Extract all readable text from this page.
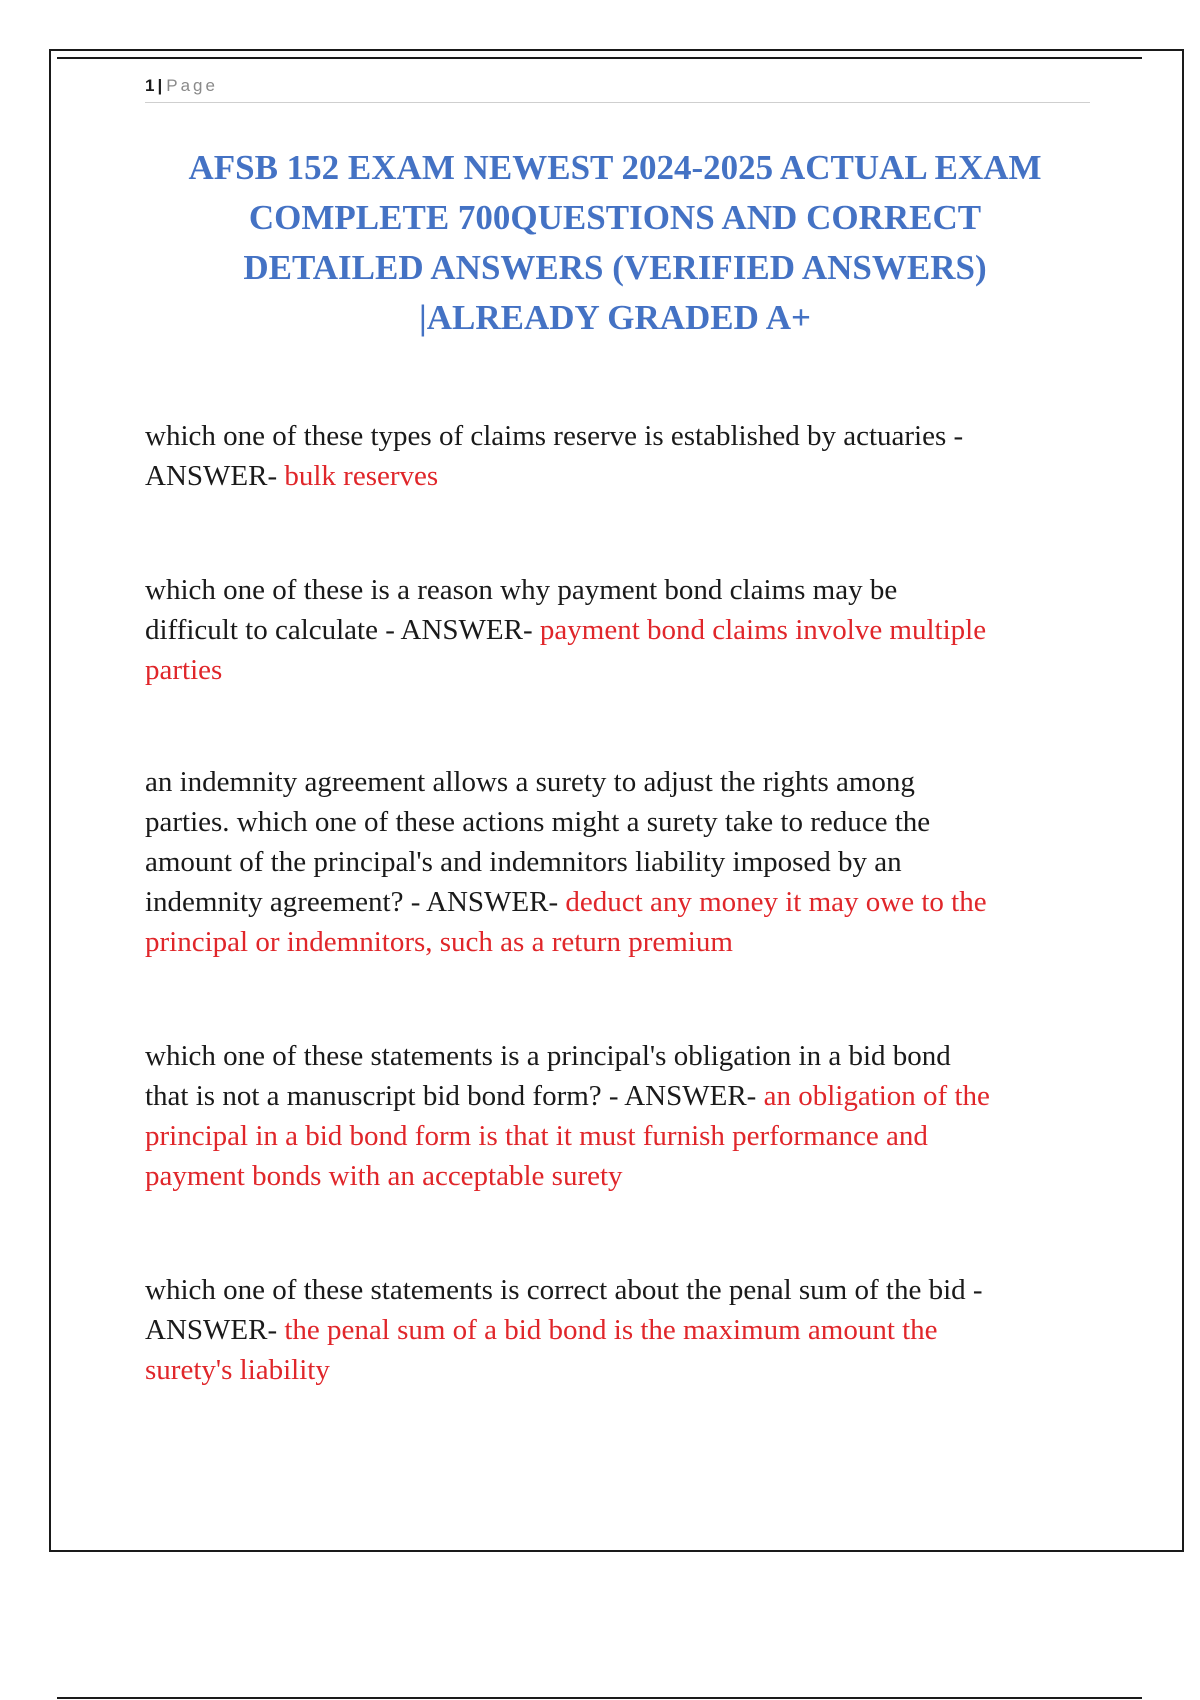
1 | Page
AFSB 152 EXAM NEWEST 2024-2025 ACTUAL EXAM
COMPLETE 700QUESTIONS AND CORRECT
DETAILED ANSWERS (VERIFIED ANSWERS)
|ALREADY GRADED A+

which one of these types of claims reserve is established by actuaries -
ANSWER- bulk reserves

which one of these is a reason why payment bond claims may be
difficult to calculate - ANSWER- payment bond claims involve multiple
parties

an indemnity agreement allows a surety to adjust the rights among
parties. which one of these actions might a surety take to reduce the
amount of the principal's and indemnitors liability imposed by an
indemnity agreement? - ANSWER- deduct any money it may owe to the
principal or indemnitors, such as a return premium

which one of these statements is a principal's obligation in a bid bond
that is not a manuscript bid bond form? - ANSWER- an obligation of the
principal in a bid bond form is that it must furnish performance and
payment bonds with an acceptable surety

which one of these statements is correct about the penal sum of the bid -
ANSWER- the penal sum of a bid bond is the maximum amount the
surety's liability
